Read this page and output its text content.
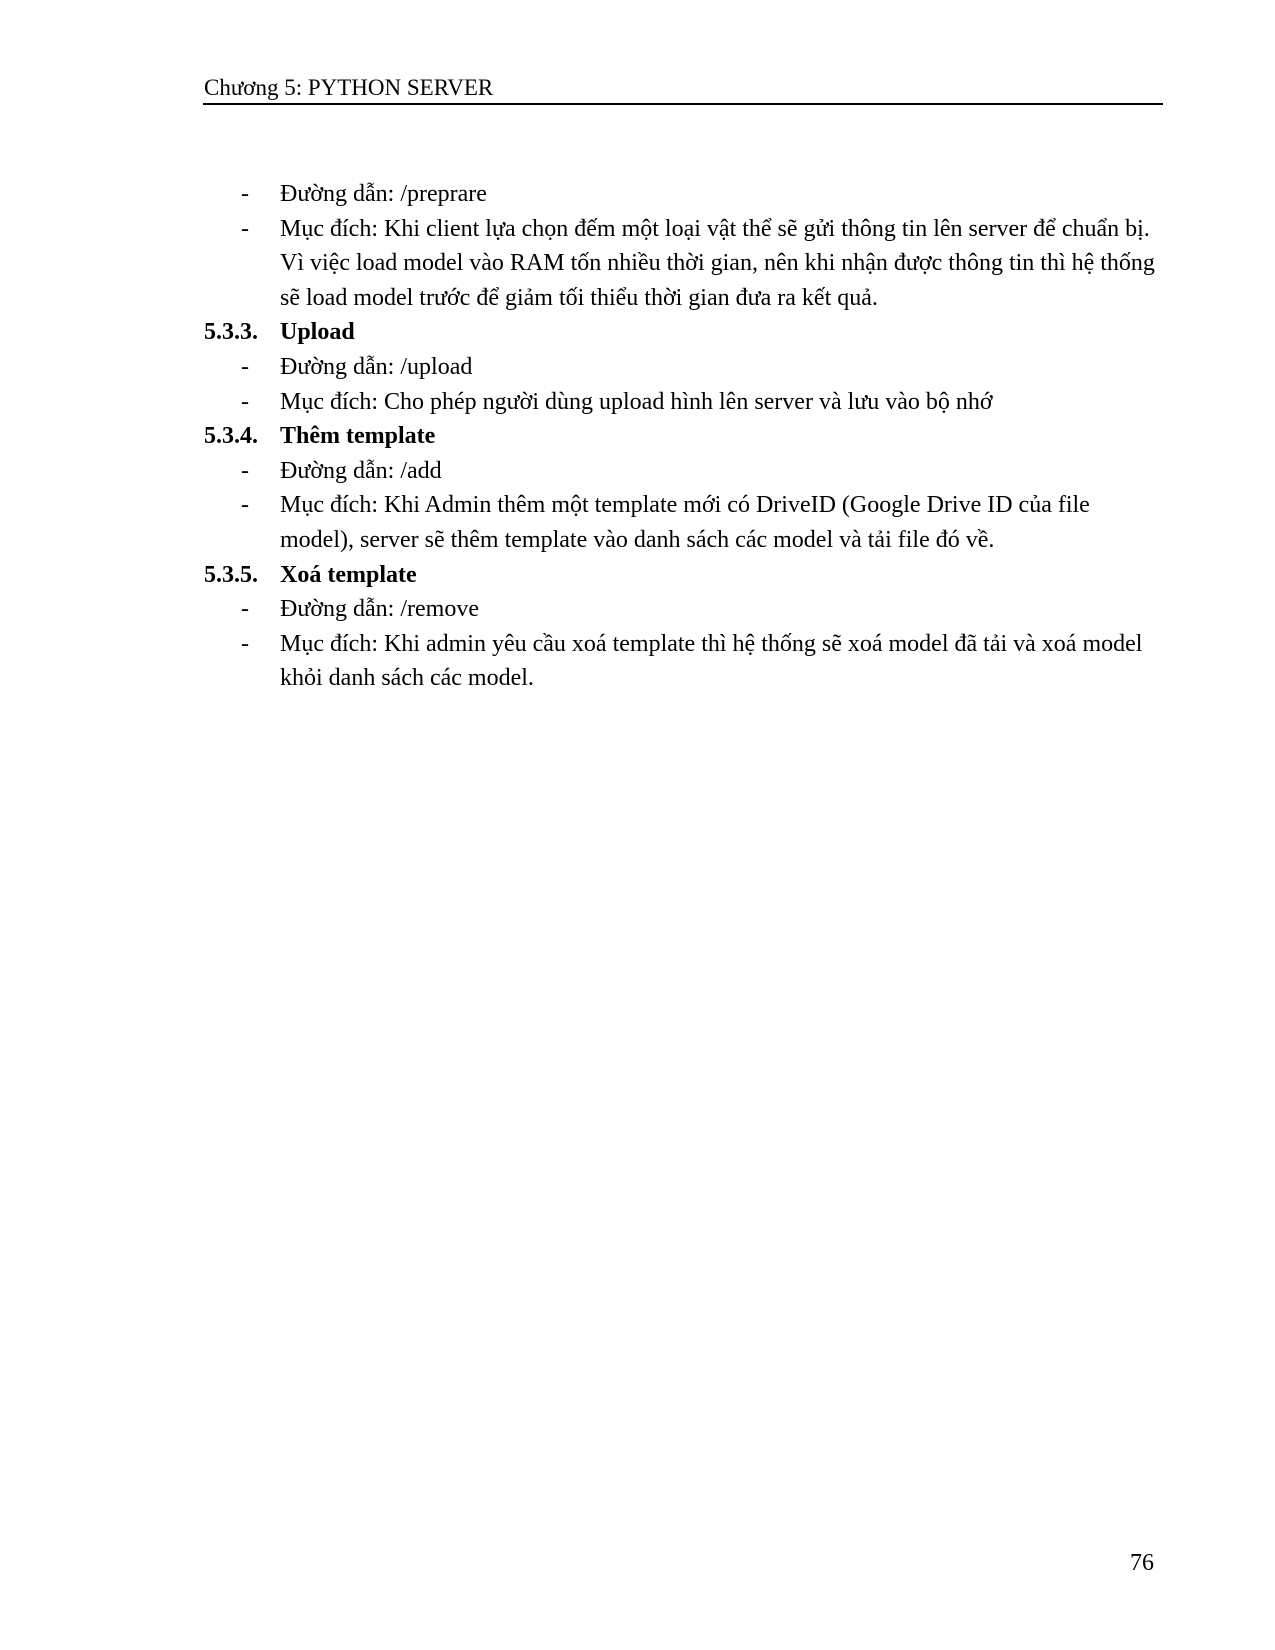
Chương 5: PYTHON SERVER
- Đường dẫn: /preprare
- Mục đích: Khi client lựa chọn đếm một loại vật thể sẽ gửi thông tin lên server để chuẩn bị. Vì việc load model vào RAM tốn nhiều thời gian, nên khi nhận được thông tin thì hệ thống sẽ load model trước để giảm tối thiểu thời gian đưa ra kết quả.
5.3.3. Upload
- Đường dẫn: /upload
- Mục đích: Cho phép người dùng upload hình lên server và lưu vào bộ nhớ
5.3.4. Thêm template
- Đường dẫn: /add
- Mục đích: Khi Admin thêm một template mới có DriveID (Google Drive ID của file model), server sẽ thêm template vào danh sách các model và tải file đó về.
5.3.5. Xoá template
- Đường dẫn: /remove
- Mục đích: Khi admin yêu cầu xoá template thì hệ thống sẽ xoá model đã tải và xoá model khỏi danh sách các model.
76
